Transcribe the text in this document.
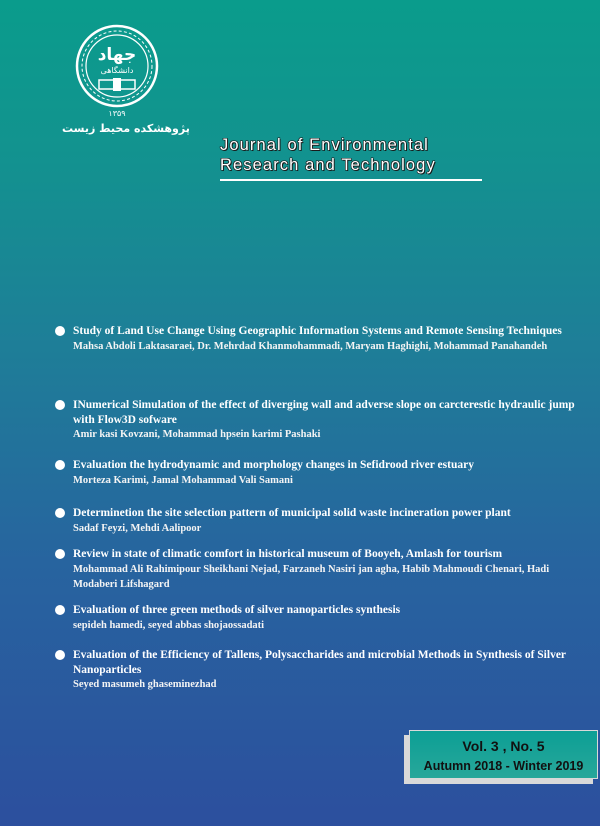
جهاد
دانشگاهی
۱۳۵۹
پژوهشکده محیط زیست
Journal of Environmental
Research and Technology
Study of Land Use Change Using Geographic Information Systems and Remote Sensing Techniques
Mahsa Abdoli Laktasaraei, Dr. Mehrdad Khanmohammadi, Maryam Haghighi, Mohammad Panahandeh
INumerical Simulation of the effect of diverging wall and adverse slope on carcterestic hydraulic jump with Flow3D sofware
Amir kasi Kovzani, Mohammad hpsein karimi Pashaki
Evaluation the hydrodynamic and morphology changes in Sefidrood river estuary
Morteza Karimi, Jamal Mohammad Vali Samani
Determinetion the site selection pattern of municipal solid waste incineration power plant
Sadaf Feyzi, Mehdi Aalipoor
Review in state of climatic comfort in historical museum of Booyeh, Amlash for tourism
Mohammad Ali Rahimipour Sheikhani Nejad, Farzaneh Nasiri jan agha, Habib Mahmoudi Chenari, Hadi Modaberi Lifshagard
Evaluation of three green methods of silver nanoparticles synthesis
sepideh hamedi, seyed abbas shojaossadati
Evaluation of the Efficiency of Tallens, Polysaccharides and microbial Methods in Synthesis of Silver Nanoparticles
Seyed masumeh ghaseminezhad
Vol. 3 , No. 5
Autumn 2018 - Winter 2019
